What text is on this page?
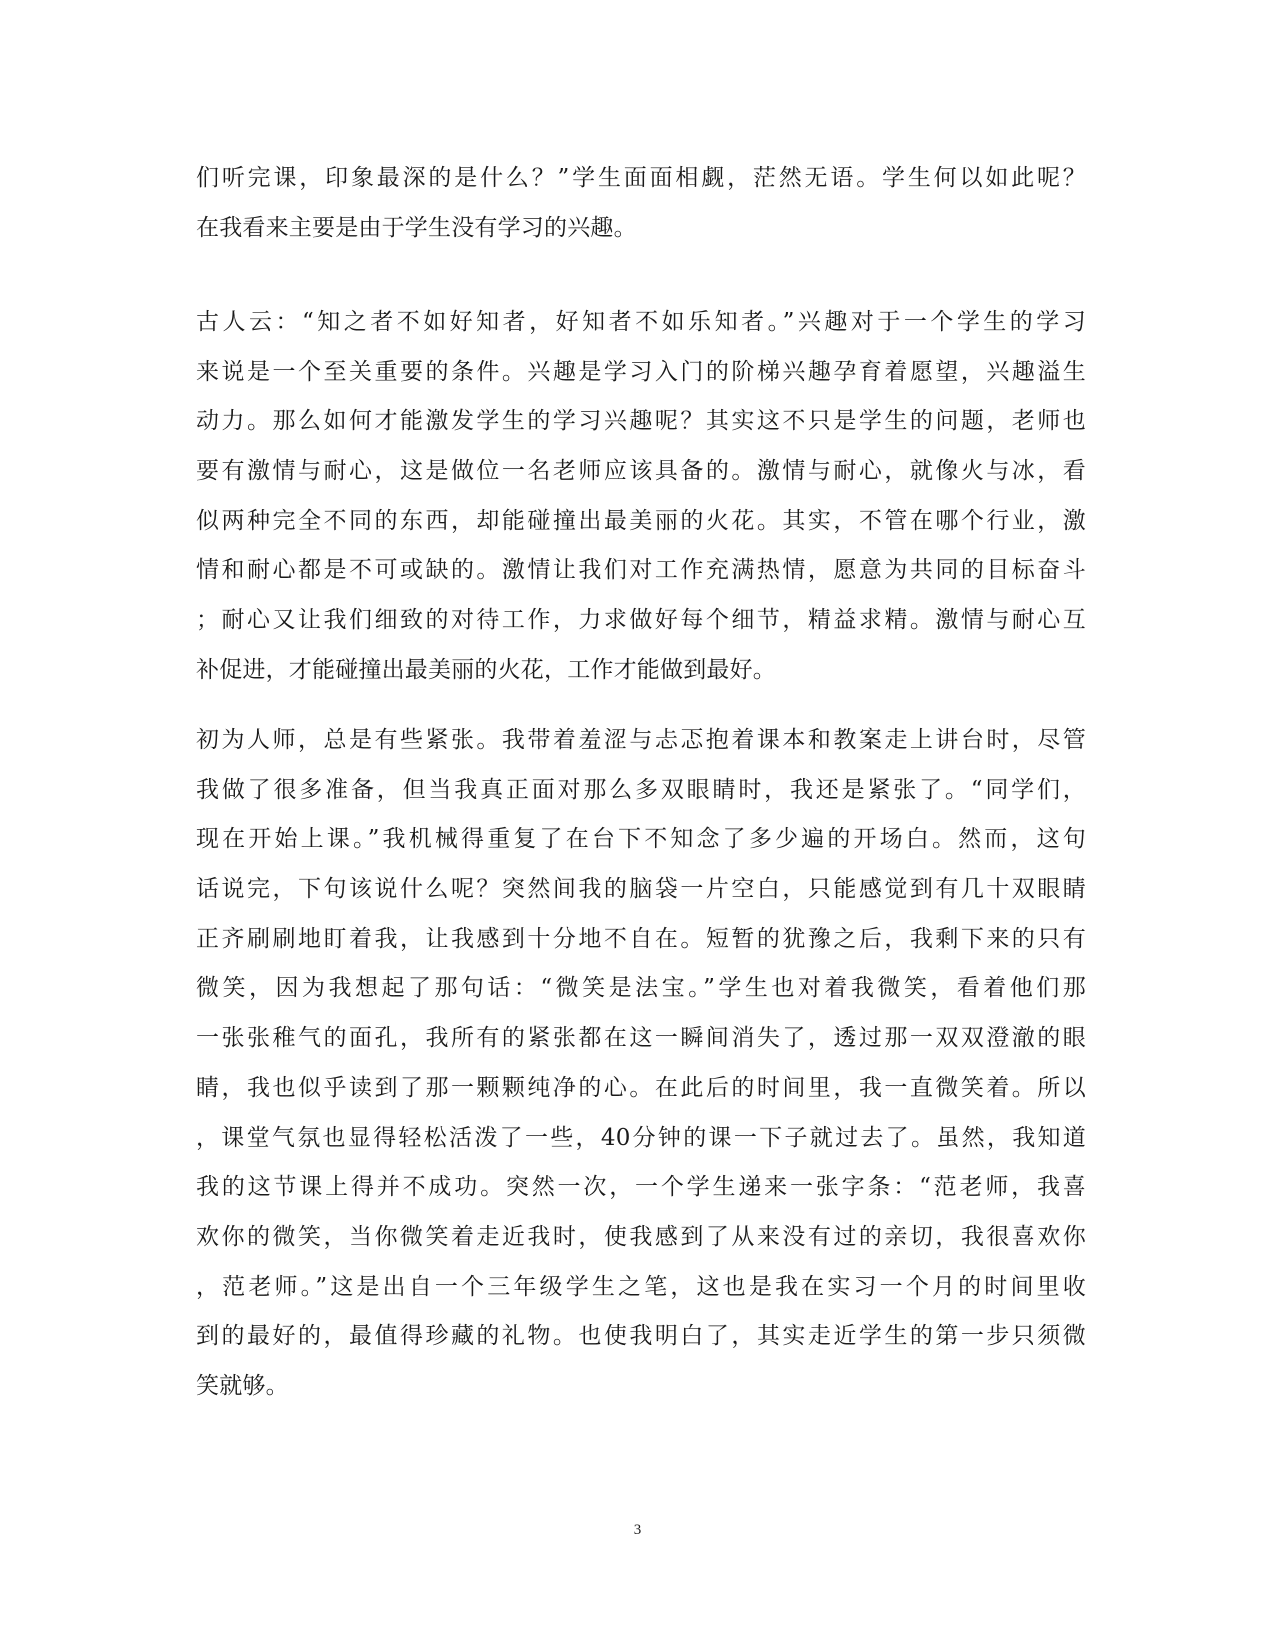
们听完课，印象最深的是什么？”学生面面相觑，茫然无语。学生何以如此呢？
在我看来主要是由于学生没有学习的兴趣。
古人云：“知之者不如好知者，好知者不如乐知者。”兴趣对于一个学生的学习
来说是一个至关重要的条件。兴趣是学习入门的阶梯兴趣孕育着愿望，兴趣溢生
动力。那么如何才能激发学生的学习兴趣呢？其实这不只是学生的问题，老师也
要有激情与耐心，这是做位一名老师应该具备的。激情与耐心，就像火与冰，看
似两种完全不同的东西，却能碰撞出最美丽的火花。其实，不管在哪个行业，激
情和耐心都是不可或缺的。激情让我们对工作充满热情，愿意为共同的目标奋斗
；耐心又让我们细致的对待工作，力求做好每个细节，精益求精。激情与耐心互
补促进，才能碰撞出最美丽的火花，工作才能做到最好。
初为人师，总是有些紧张。我带着羞涩与忐忑抱着课本和教案走上讲台时，尽管
我做了很多准备，但当我真正面对那么多双眼睛时，我还是紧张了。“同学们，
现在开始上课。”我机械得重复了在台下不知念了多少遍的开场白。然而，这句
话说完，下句该说什么呢？突然间我的脑袋一片空白，只能感觉到有几十双眼睛
正齐刷刷地盯着我，让我感到十分地不自在。短暂的犹豫之后，我剩下来的只有
微笑，因为我想起了那句话：“微笑是法宝。”学生也对着我微笑，看着他们那
一张张稚气的面孔，我所有的紧张都在这一瞬间消失了，透过那一双双澄澈的眼
睛，我也似乎读到了那一颗颗纯净的心。在此后的时间里，我一直微笑着。所以
，课堂气氛也显得轻松活泼了一些，40分钟的课一下子就过去了。虽然，我知道
我的这节课上得并不成功。突然一次，一个学生递来一张字条：“范老师，我喜
欢你的微笑，当你微笑着走近我时，使我感到了从来没有过的亲切，我很喜欢你
，范老师。”这是出自一个三年级学生之笔，这也是我在实习一个月的时间里收
到的最好的，最值得珍藏的礼物。也使我明白了，其实走近学生的第一步只须微
笑就够。
3
